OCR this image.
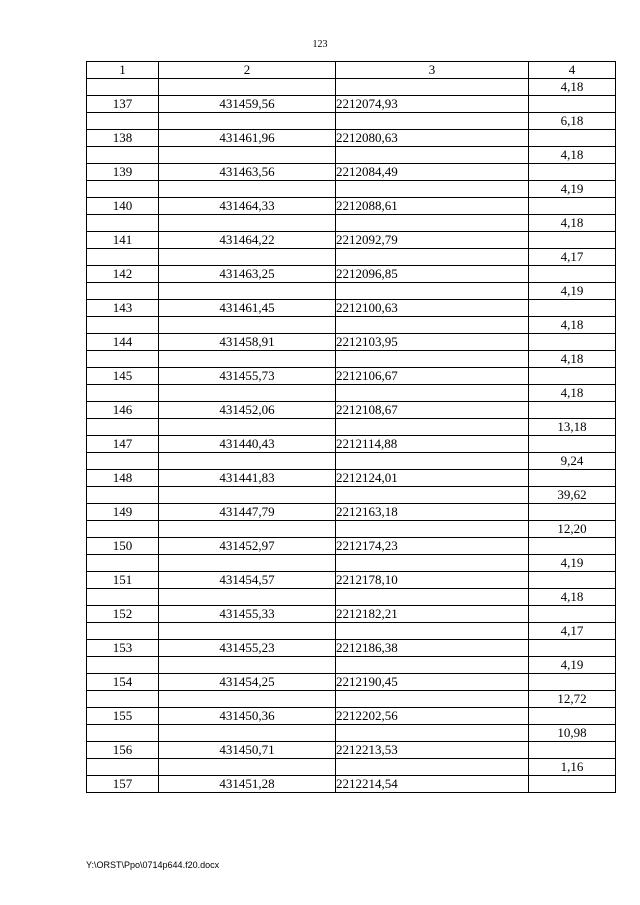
123
1	2	3	4
			4,18
137	431459,56	2212074,93	
			6,18
138	431461,96	2212080,63	
			4,18
139	431463,56	2212084,49	
			4,19
140	431464,33	2212088,61	
			4,18
141	431464,22	2212092,79	
			4,17
142	431463,25	2212096,85	
			4,19
143	431461,45	2212100,63	
			4,18
144	431458,91	2212103,95	
			4,18
145	431455,73	2212106,67	
			4,18
146	431452,06	2212108,67	
			13,18
147	431440,43	2212114,88	
			9,24
148	431441,83	2212124,01	
			39,62
149	431447,79	2212163,18	
			12,20
150	431452,97	2212174,23	
			4,19
151	431454,57	2212178,10	
			4,18
152	431455,33	2212182,21	
			4,17
153	431455,23	2212186,38	
			4,19
154	431454,25	2212190,45	
			12,72
155	431450,36	2212202,56	
			10,98
156	431450,71	2212213,53	
			1,16
157	431451,28	2212214,54	
Y:\ORST\Ppo\0714p644.f20.docx
